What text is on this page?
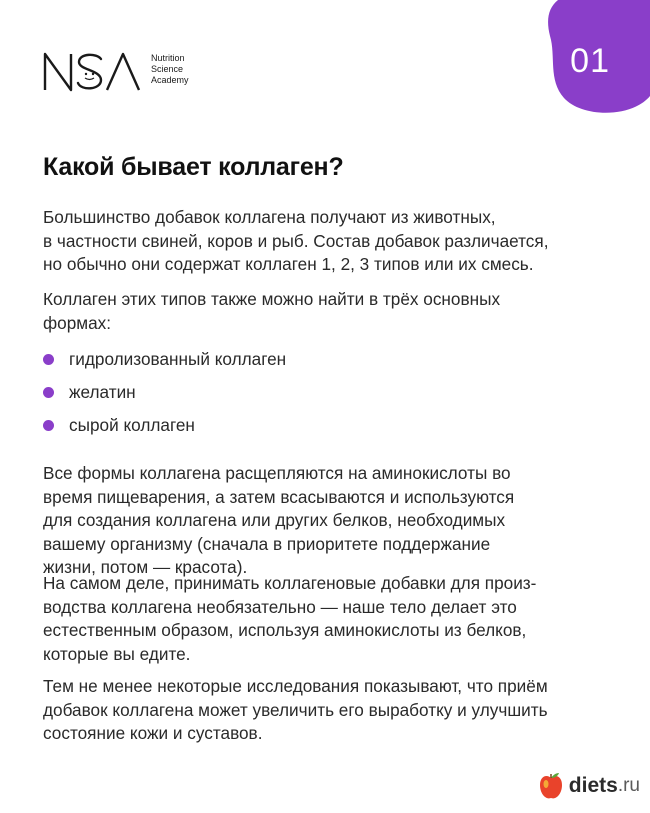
Nutrition
Science
Academy	01
Какой бывает коллаген?

Большинство добавок коллагена получают из животных,
в частности свиней, коров и рыб. Состав добавок различается,
но обычно они содержат коллаген 1, 2, 3 типов или их смесь.

Коллаген этих типов также можно найти в трёх основных
формах:

гидролизованный коллаген
желатин
сырой коллаген

Все формы коллагена расщепляются на аминокислоты во
время пищеварения, а затем всасываются и используются
для создания коллагена или других белков, необходимых
вашему организму (сначала в приоритете поддержание
жизни, потом — красота).

На самом деле, принимать коллагеновые добавки для произ-
водства коллагена необязательно — наше тело делает это
естественным образом, используя аминокислоты из белков,
которые вы едите.

Тем не менее некоторые исследования показывают, что приём
добавок коллагена может увеличить его выработку и улучшить
состояние кожи и суставов.

diets .ru
